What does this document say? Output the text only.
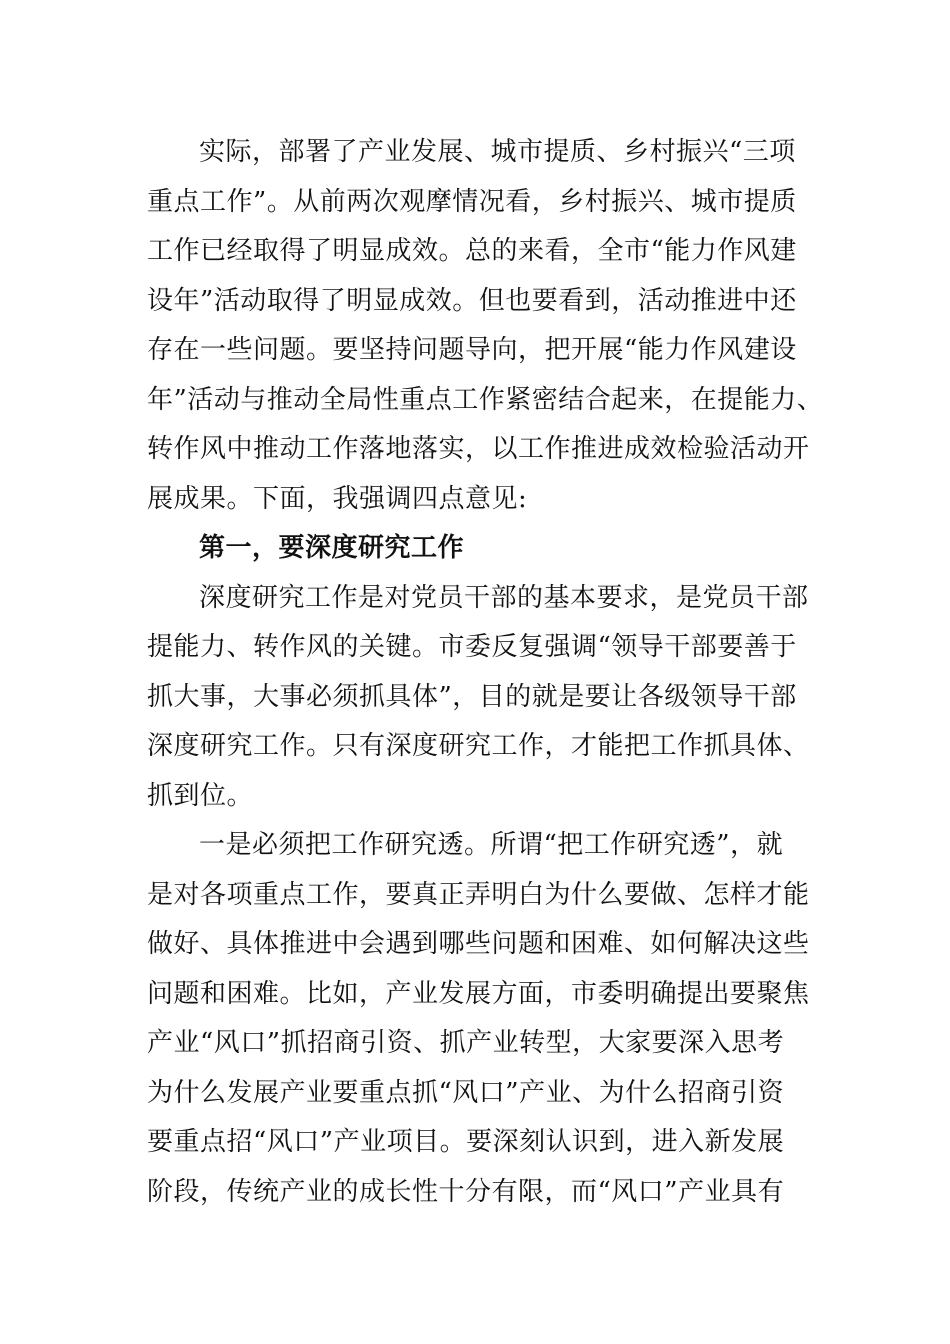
实际，部署了产业发展、城市提质、乡村振兴“三项
重点工作”。从前两次观摩情况看，乡村振兴、城市提质
工作已经取得了明显成效。总的来看，全市“能力作风建
设年”活动取得了明显成效。但也要看到，活动推进中还
存在一些问题。要坚持问题导向，把开展“能力作风建设
年”活动与推动全局性重点工作紧密结合起来，在提能力、
转作风中推动工作落地落实，以工作推进成效检验活动开
展成果。下面，我强调四点意见:
第一，要深度研究工作
深度研究工作是对党员干部的基本要求，是党员干部
提能力、转作风的关键。市委反复强调“领导干部要善于
抓大事，大事必须抓具体”，目的就是要让各级领导干部
深度研究工作。只有深度研究工作，才能把工作抓具体、
抓到位。
一是必须把工作研究透。所谓“把工作研究透”，就
是对各项重点工作，要真正弄明白为什么要做、怎样才能
做好、具体推进中会遇到哪些问题和困难、如何解决这些
问题和困难。比如，产业发展方面，市委明确提出要聚焦
产业“风口”抓招商引资、抓产业转型，大家要深入思考
为什么发展产业要重点抓“风口”产业、为什么招商引资
要重点招“风口”产业项目。要深刻认识到，进入新发展
阶段，传统产业的成长性十分有限，而“风口”产业具有
